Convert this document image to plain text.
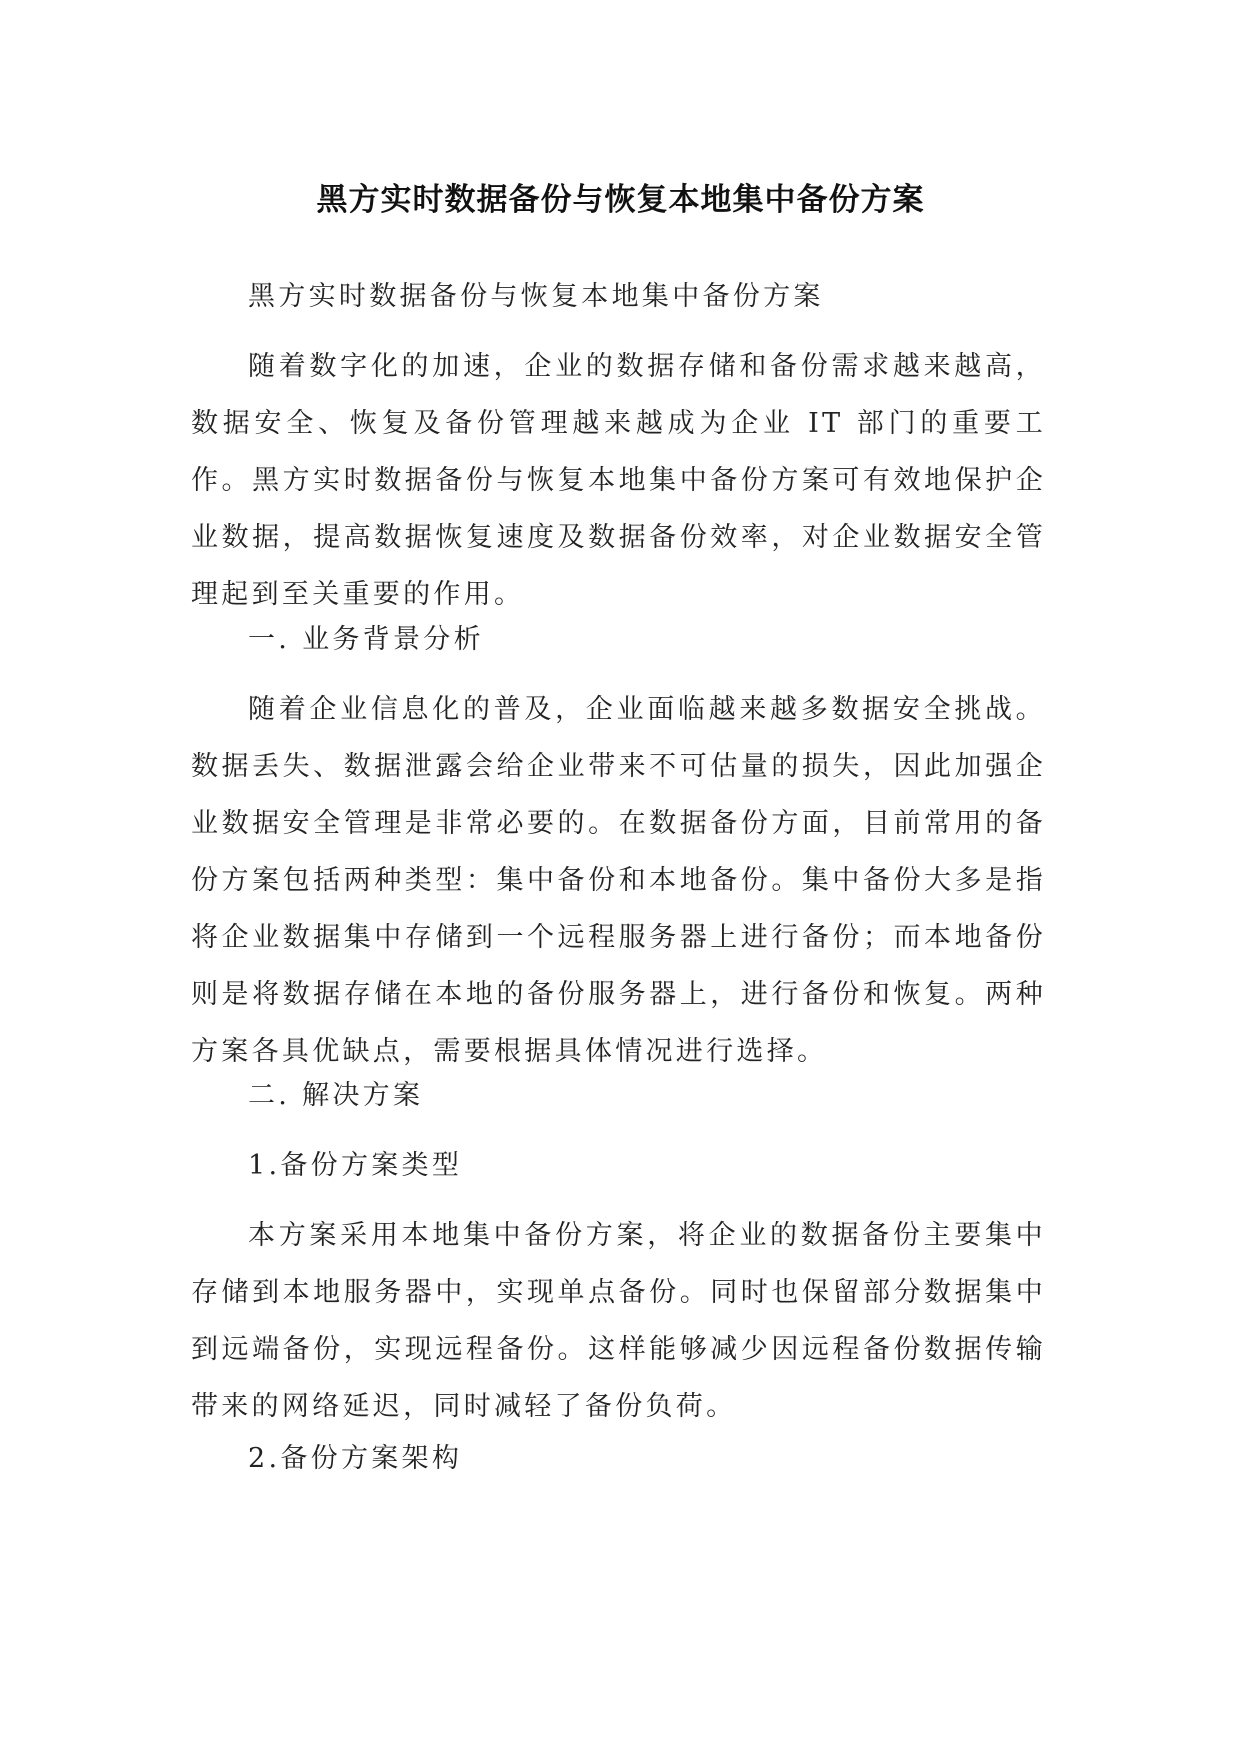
黑方实时数据备份与恢复本地集中备份方案

黑方实时数据备份与恢复本地集中备份方案

随着数字化的加速，企业的数据存储和备份需求越来越高，数据安全、恢复及备份管理越来越成为企业 IT 部门的重要工作。黑方实时数据备份与恢复本地集中备份方案可有效地保护企业数据，提高数据恢复速度及数据备份效率，对企业数据安全管理起到至关重要的作用。

一. 业务背景分析

随着企业信息化的普及，企业面临越来越多数据安全挑战。数据丢失、数据泄露会给企业带来不可估量的损失，因此加强企业数据安全管理是非常必要的。在数据备份方面，目前常用的备份方案包括两种类型：集中备份和本地备份。集中备份大多是指将企业数据集中存储到一个远程服务器上进行备份；而本地备份则是将数据存储在本地的备份服务器上，进行备份和恢复。两种方案各具优缺点，需要根据具体情况进行选择。

二. 解决方案

1.备份方案类型

本方案采用本地集中备份方案，将企业的数据备份主要集中存储到本地服务器中，实现单点备份。同时也保留部分数据集中到远端备份，实现远程备份。这样能够减少因远程备份数据传输带来的网络延迟，同时减轻了备份负荷。

2.备份方案架构
